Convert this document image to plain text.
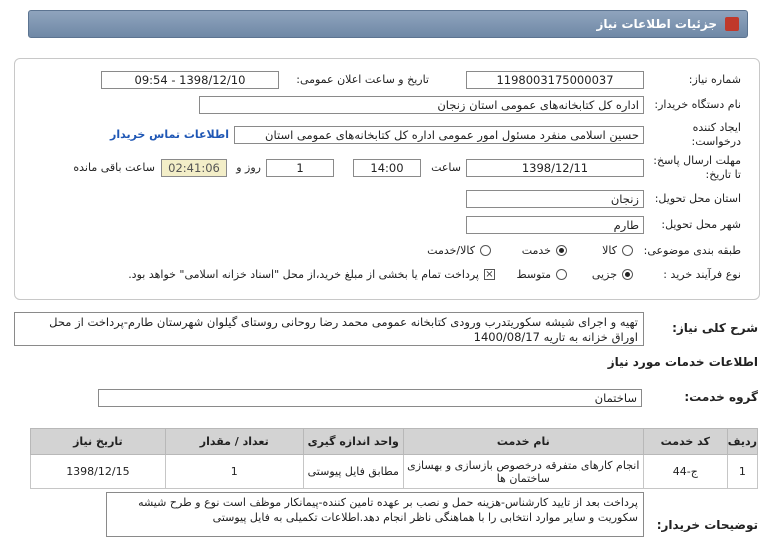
جزئیات اطلاعات نیاز
شماره نیاز:
1198003175000037
تاریخ و ساعت اعلان عمومی:
1398/12/10 - 09:54
نام دستگاه خریدار:
اداره کل کتابخانه‌های عمومی استان زنجان
ایجاد کننده
درخواست:
حسین اسلامی منفرد مسئول امور عمومی اداره کل کتابخانه‌های عمومی استان
اطلاعات تماس خریدار
مهلت ارسال پاسخ:
تا تاریخ:
1398/12/11
ساعت
14:00
1
روز و
02:41:06
ساعت باقی مانده
استان محل تحویل:
زنجان
شهر محل تحویل:
طارم
طبقه بندی موضوعی:
کالا
خدمت
کالا/خدمت
نوع فرآیند خرید :
جزیی
متوسط
×
پرداخت تمام یا بخشی از مبلغ خرید،از محل "اسناد خزانه اسلامی" خواهد بود.
شرح کلی نیاز:
تهیه و اجرای شیشه سکوریتدرب ورودی کتابخانه عمومی محمد رضا روحانی روستای گیلوان شهرستان طارم-پرداخت از محل اوراق خزانه به تاریه 1400/08/17
اطلاعات خدمات مورد نیاز
گروه خدمت:
ساختمان
ردیف	کد خدمت	نام خدمت	واحد اندازه گیری	تعداد / مقدار	تاریخ نیاز
1	ج-44	انجام کارهای متفرقه درخصوص بازسازی و بهسازی ساختمان ها	مطابق فایل پیوستی	1	1398/12/15
توضیحات خریدار:
پرداخت بعد از تایید کارشناس-هزینه حمل و نصب بر عهده تامین کننده-پیمانکار موظف است نوع و طرح شیشه سکوریت و سایر موارد انتخابی را با هماهنگی ناظر انجام دهد.اطلاعات تکمیلی به فایل پیوستی
